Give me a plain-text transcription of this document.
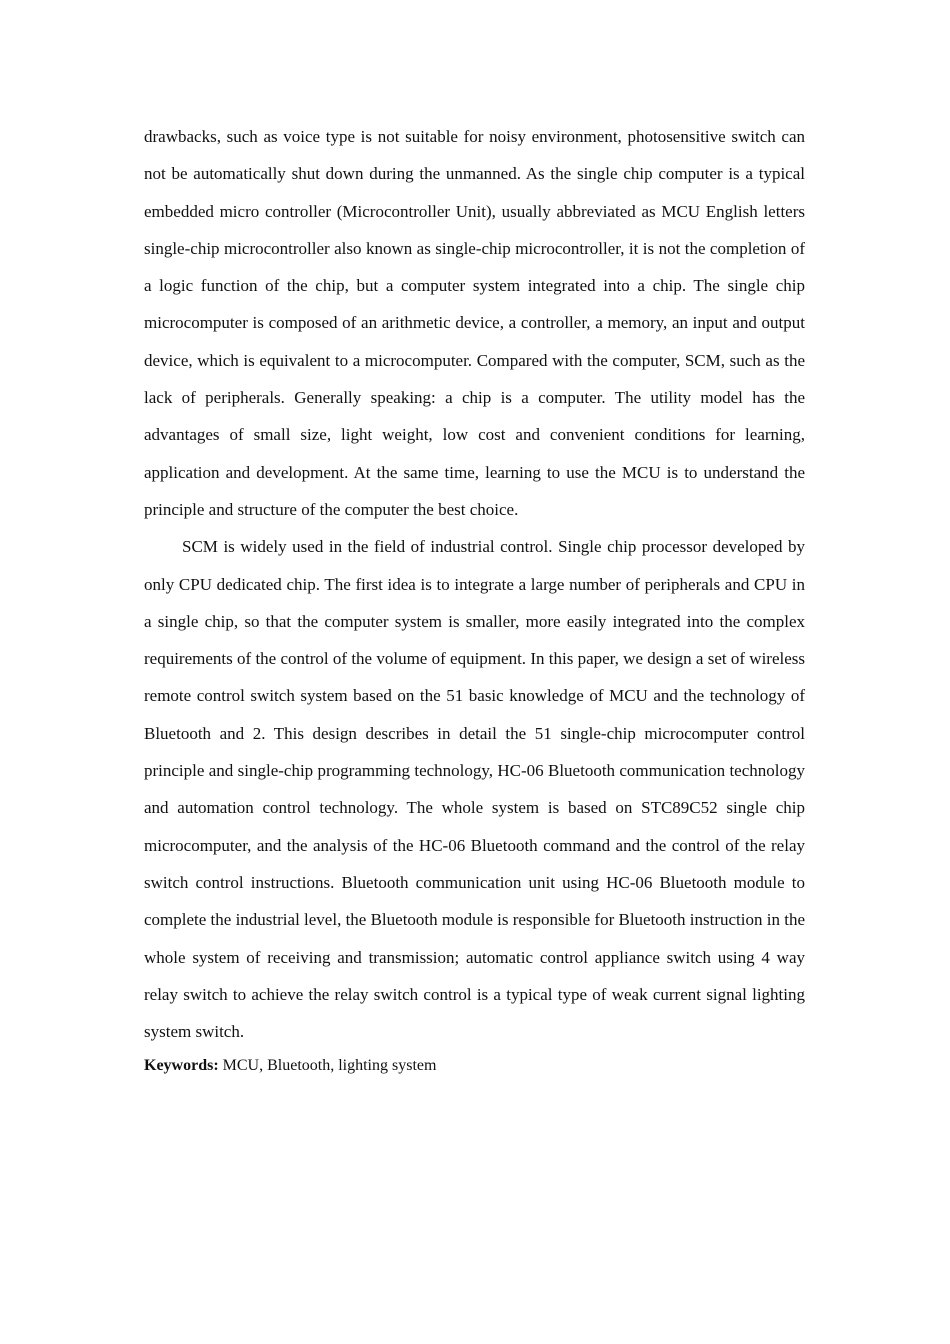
drawbacks, such as voice type is not suitable for noisy environment, photosensitive switch can not be automatically shut down during the unmanned. As the single chip computer is a typical embedded micro controller (Microcontroller Unit), usually abbreviated as MCU English letters single-chip microcontroller also known as single-chip microcontroller, it is not the completion of a logic function of the chip, but a computer system integrated into a chip. The single chip microcomputer is composed of an arithmetic device, a controller, a memory, an input and output device, which is equivalent to a microcomputer. Compared with the computer, SCM, such as the lack of peripherals. Generally speaking: a chip is a computer. The utility model has the advantages of small size, light weight, low cost and convenient conditions for learning, application and development. At the same time, learning to use the MCU is to understand the principle and structure of the computer the best choice.

SCM is widely used in the field of industrial control. Single chip processor developed by only CPU dedicated chip. The first idea is to integrate a large number of peripherals and CPU in a single chip, so that the computer system is smaller, more easily integrated into the complex requirements of the control of the volume of equipment. In this paper, we design a set of wireless remote control switch system based on the 51 basic knowledge of MCU and the technology of Bluetooth and 2. This design describes in detail the 51 single-chip microcomputer control principle and single-chip programming technology, HC-06 Bluetooth communication technology and automation control technology. The whole system is based on STC89C52 single chip microcomputer, and the analysis of the HC-06 Bluetooth command and the control of the relay switch control instructions. Bluetooth communication unit using HC-06 Bluetooth module to complete the industrial level, the Bluetooth module is responsible for Bluetooth instruction in the whole system of receiving and transmission; automatic control appliance switch using 4 way relay switch to achieve the relay switch control is a typical type of weak current signal lighting system switch.

Keywords: MCU, Bluetooth, lighting system
